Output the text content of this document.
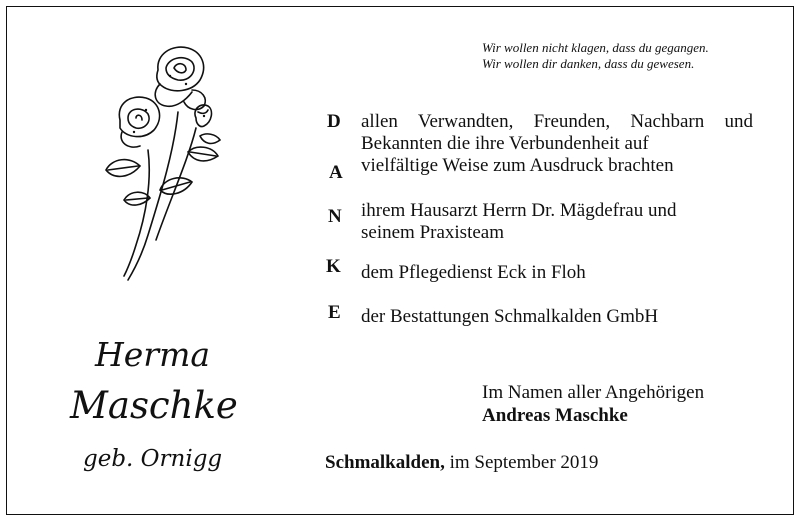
Wir wollen nicht klagen, dass du gegangen.
Wir wollen dir danken, dass du gewesen.
D
A
N
K
E
allen Verwandten, Freunden, Nachbarn und
Bekannten die ihre Verbundenheit auf
vielfältige Weise zum Ausdruck brachten
ihrem Hausarzt Herrn Dr. Mägdefrau und
seinem Praxisteam
dem Pflegedienst Eck in Floh
der Bestattungen Schmalkalden GmbH
Herma
Maschke
geb. Ornigg
Im Namen aller Angehörigen
Andreas Maschke
Schmalkalden, im September 2019
